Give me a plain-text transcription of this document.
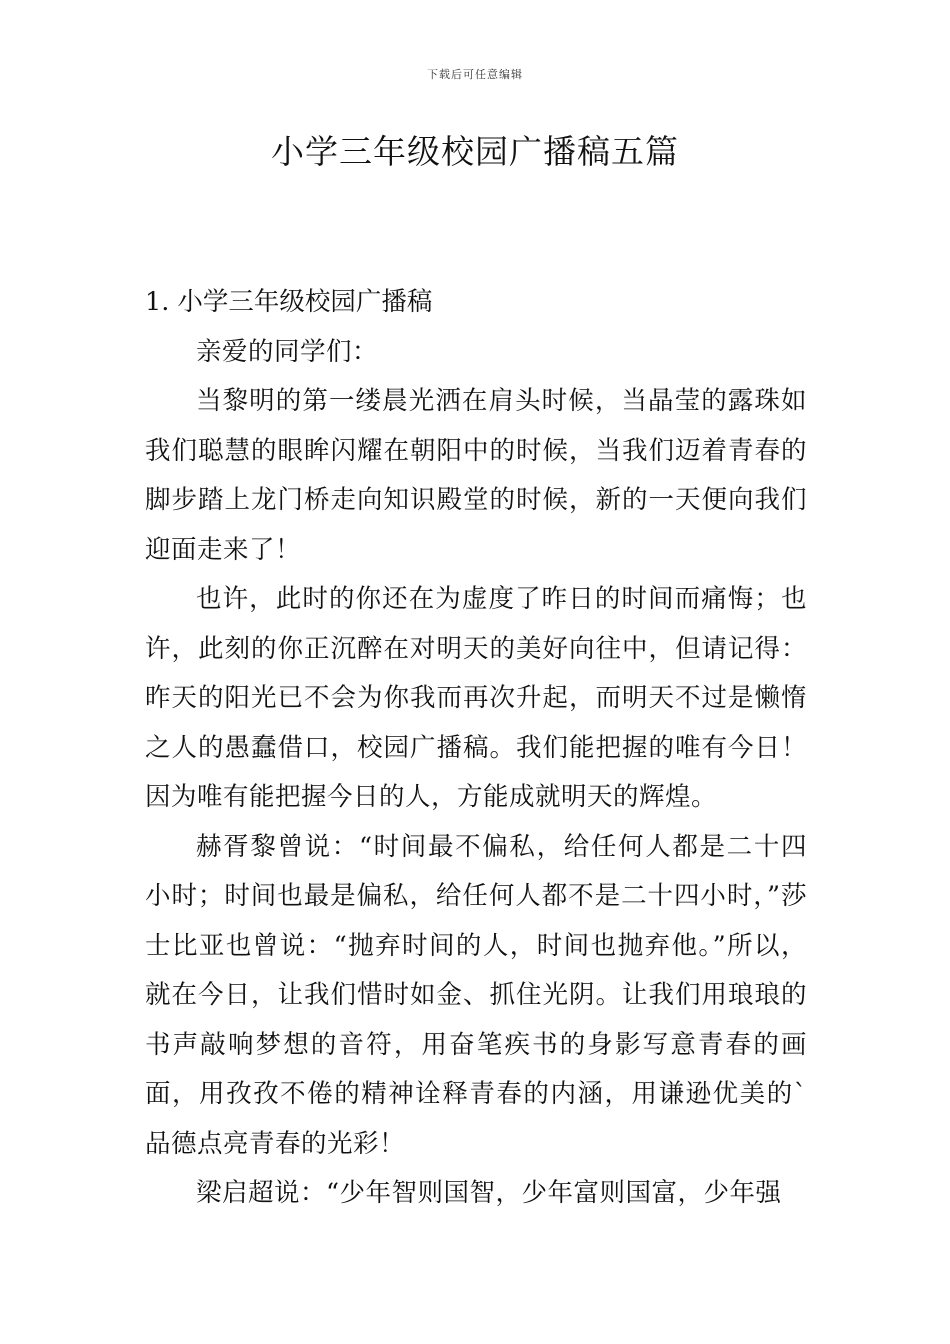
下载后可任意编辑
小学三年级校园广播稿五篇
1. 小学三年级校园广播稿

亲爱的同学们：

当黎明的第一缕晨光洒在肩头时候，当晶莹的露珠如我们聪慧的眼眸闪耀在朝阳中的时候，当我们迈着青春的脚步踏上龙门桥走向知识殿堂的时候，新的一天便向我们迎面走来了！

也许，此时的你还在为虚度了昨日的时间而痛悔；也许，此刻的你正沉醉在对明天的美好向往中，但请记得：昨天的阳光已不会为你我而再次升起，而明天不过是懒惰之人的愚蠢借口，校园广播稿。我们能把握的唯有今日！因为唯有能把握今日的人，方能成就明天的辉煌。

赫胥黎曾说：“时间最不偏私，给任何人都是二十四小时；时间也最是偏私，给任何人都不是二十四小时，”莎士比亚也曾说：“抛弃时间的人，时间也抛弃他。”所以，就在今日，让我们惜时如金、抓住光阴。让我们用琅琅的书声敲响梦想的音符，用奋笔疾书的身影写意青春的画面，用孜孜不倦的精神诠释青春的内涵，用谦逊优美的`品德点亮青春的光彩！

梁启超说：“少年智则国智，少年富则国富，少年强
